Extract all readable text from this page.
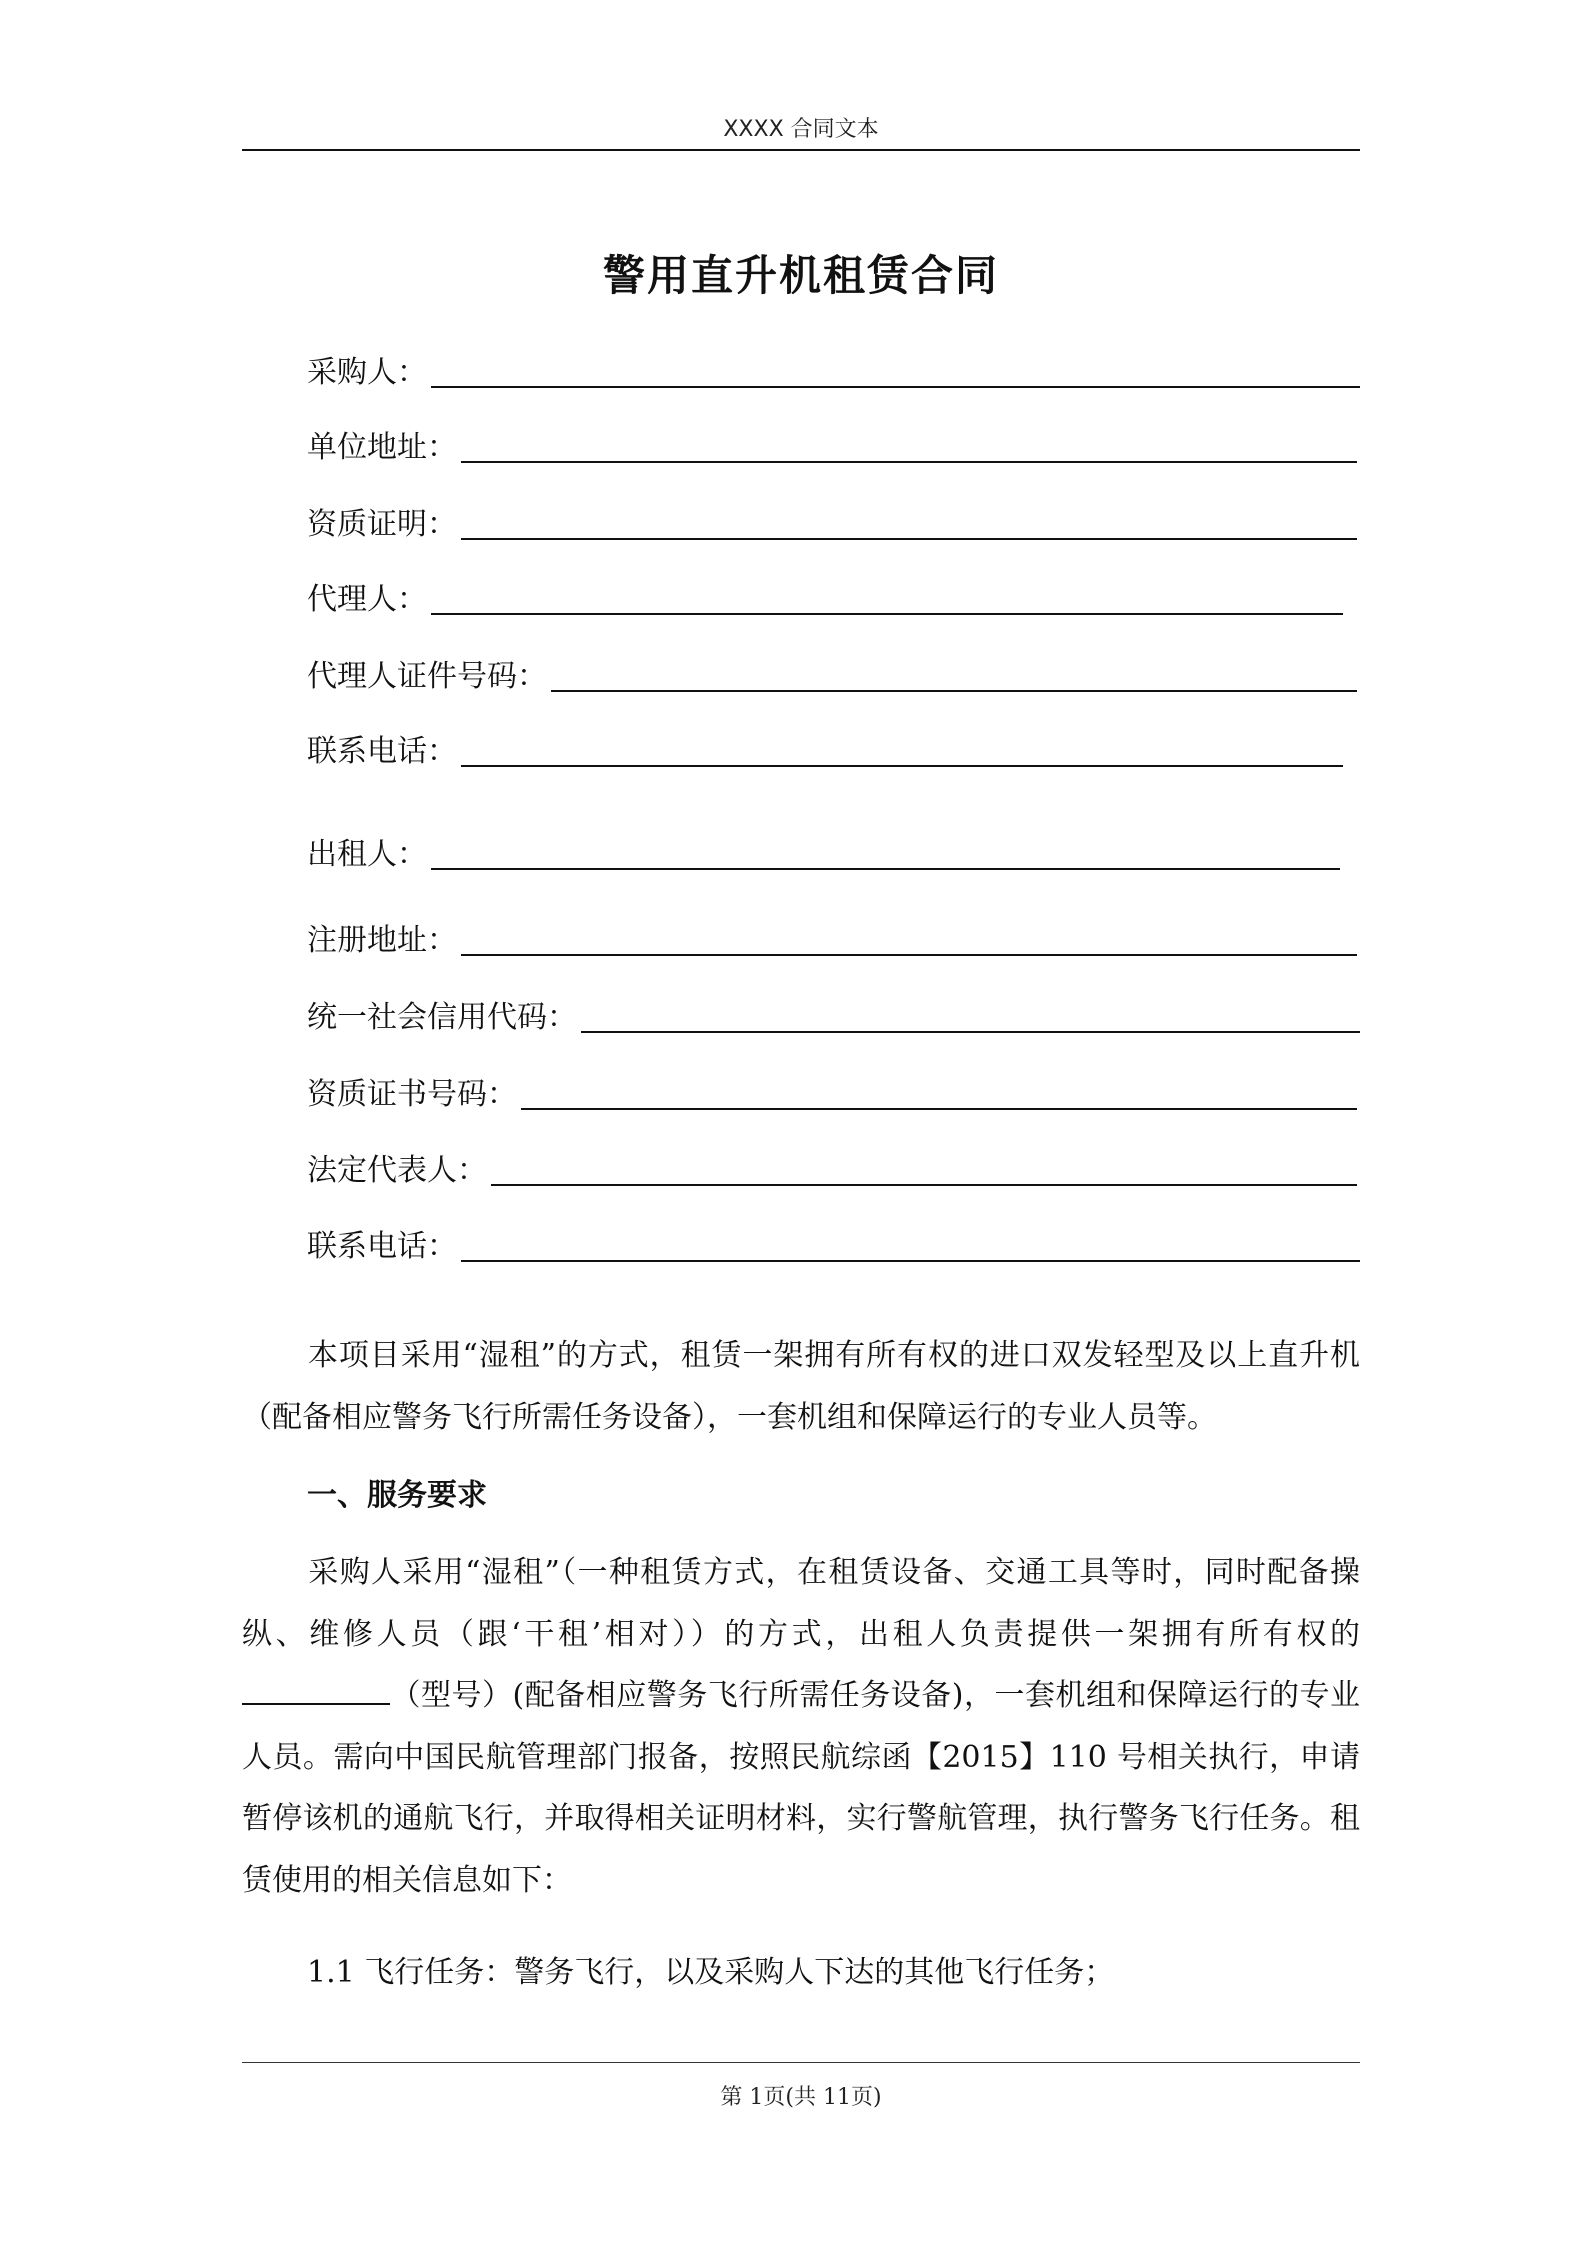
XXXX 合同文本
警用直升机租赁合同
采购人：
单位地址：
资质证明：
代理人：
代理人证件号码：
联系电话：
出租人：
注册地址：
统一社会信用代码：
资质证书号码：
法定代表人：
联系电话：
本项目采用“湿租”的方式，租赁一架拥有所有权的进口双发轻型及以上直升机（配备相应警务飞行所需任务设备），一套机组和保障运行的专业人员等。
一、服务要求
采购人采用“湿租”（一种租赁方式，在租赁设备、交通工具等时，同时配备操纵、维修人员（跟‘干租’相对））的方式，出租人负责提供一架拥有所有权的（型号）(配备相应警务飞行所需任务设备)，一套机组和保障运行的专业人员。需向中国民航管理部门报备，按照民航综函【2015】110 号相关执行，申请暂停该机的通航飞行，并取得相关证明材料，实行警航管理，执行警务飞行任务。租赁使用的相关信息如下：
1.1 飞行任务：警务飞行，以及采购人下达的其他飞行任务；
第 1页(共 11页)
